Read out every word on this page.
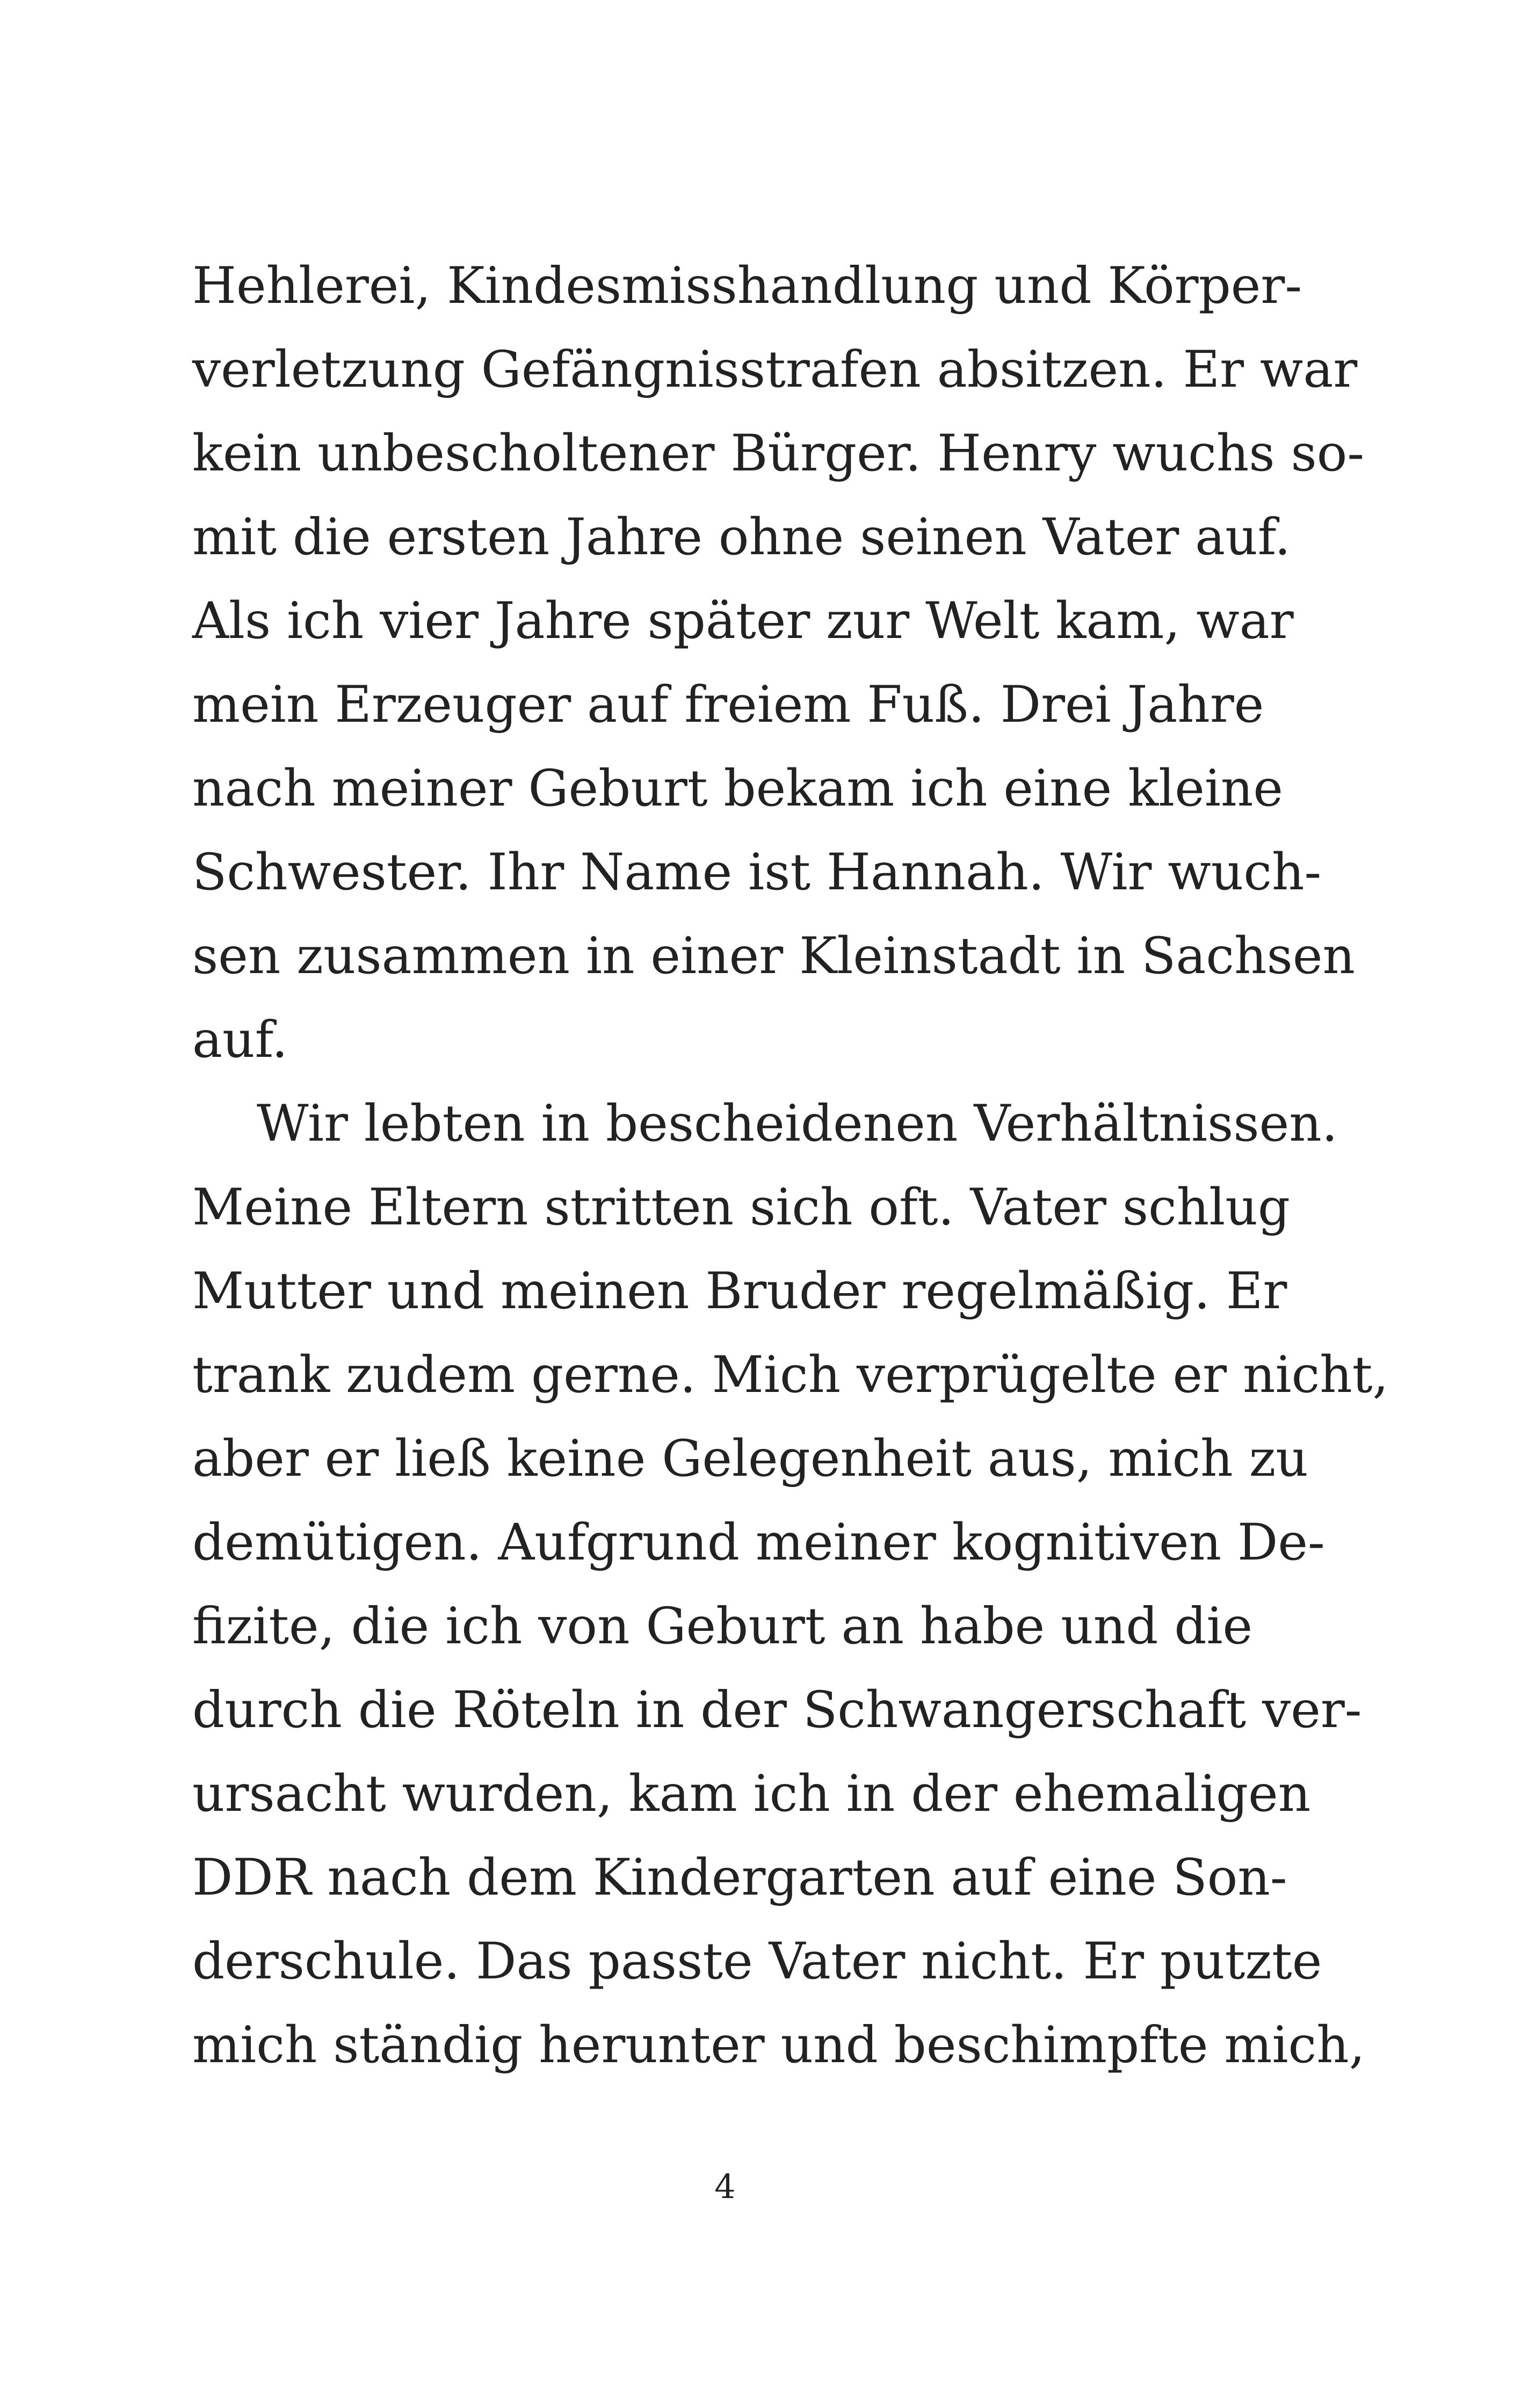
Hehlerei, Kindesmisshandlung und Körper-
verletzung Gefängnisstrafen absitzen. Er war
kein unbescholtener Bürger. Henry wuchs so-
mit die ersten Jahre ohne seinen Vater auf.
Als ich vier Jahre später zur Welt kam, war
mein Erzeuger auf freiem Fuß. Drei Jahre
nach meiner Geburt bekam ich eine kleine
Schwester. Ihr Name ist Hannah. Wir wuch-
sen zusammen in einer Kleinstadt in Sachsen
auf.
Wir lebten in bescheidenen Verhältnissen.
Meine Eltern stritten sich oft. Vater schlug
Mutter und meinen Bruder regelmäßig. Er
trank zudem gerne. Mich verprügelte er nicht,
aber er ließ keine Gelegenheit aus, mich zu
demütigen. Aufgrund meiner kognitiven De-
fizite, die ich von Geburt an habe und die
durch die Röteln in der Schwangerschaft ver-
ursacht wurden, kam ich in der ehemaligen
DDR nach dem Kindergarten auf eine Son-
derschule. Das passte Vater nicht. Er putzte
mich ständig herunter und beschimpfte mich,
4
